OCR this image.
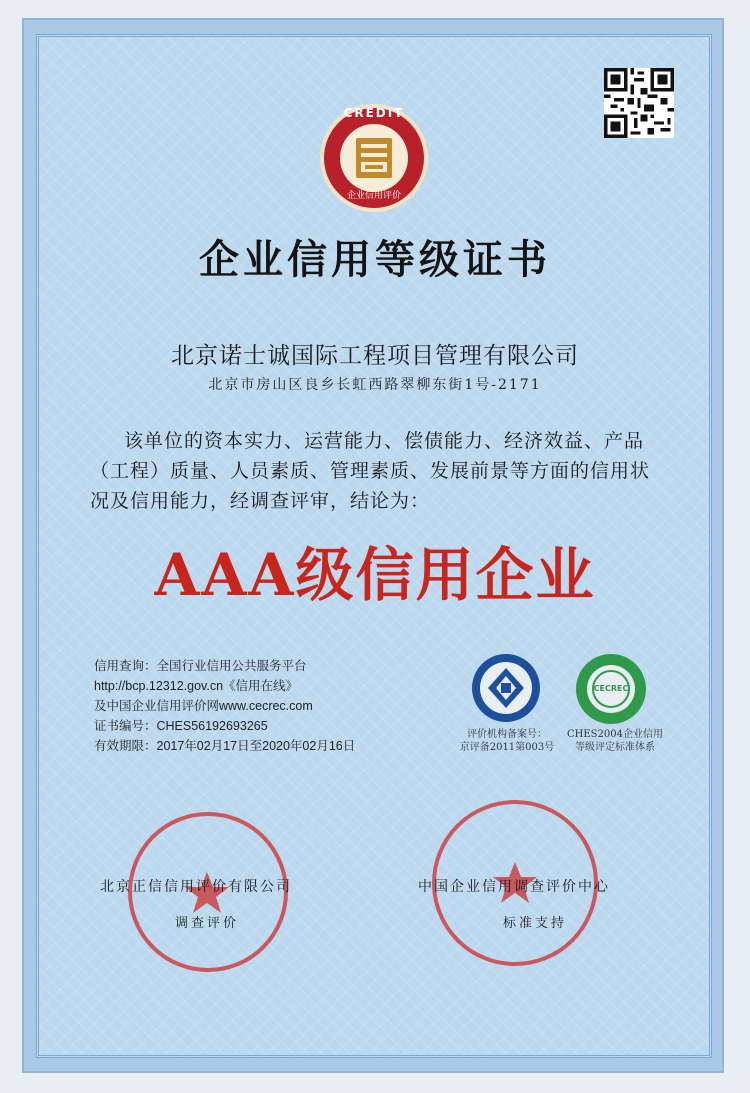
CREDIT
企业信用评价
企业信用等级证书
北京诺士诚国际工程项目管理有限公司
北京市房山区良乡长虹西路翠柳东街1号-2171
该单位的资本实力、运营能力、偿债能力、经济效益、产品
（工程）质量、人员素质、管理素质、发展前景等方面的信用状
况及信用能力，经调查评审，结论为：
AAA级信用企业
信用查询：全国行业信用公共服务平台
http://bcp.12312.gov.cn《信用在线》
及中国企业信用评价网www.cecrec.com
证书编号：CHES56192693265
有效期限：2017年02月17日至2020年02月16日
评价机构备案号：
京评备2011第003号
CECREC
CHES2004企业信用
等级评定标准体系
北京正信信用评价有限公司
调查评价
中国企业信用调查评价中心
标准支持
